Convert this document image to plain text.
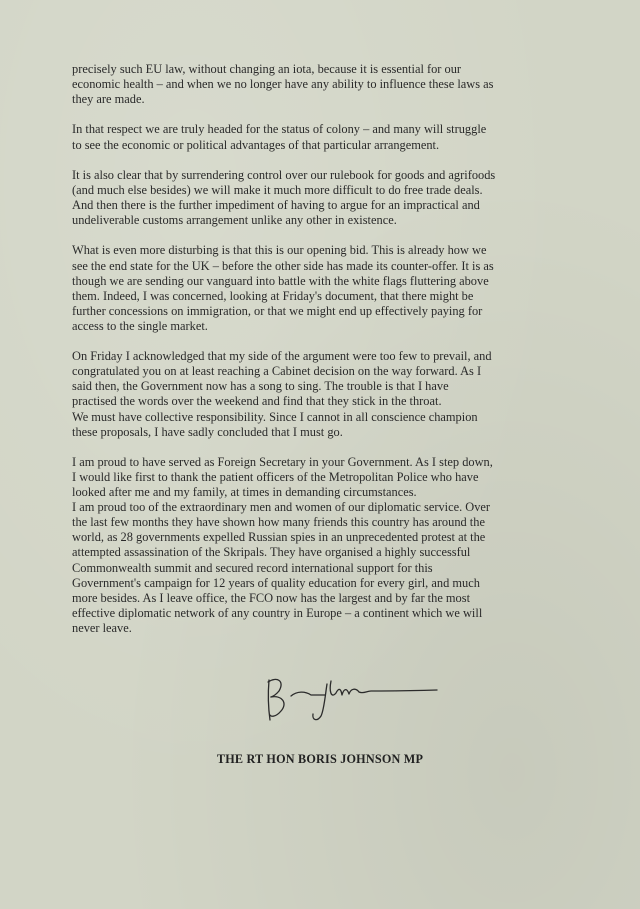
precisely such EU law, without changing an iota, because it is essential for our
economic health – and when we no longer have any ability to influence these laws as
they are made.

In that respect we are truly headed for the status of colony – and many will struggle
to see the economic or political advantages of that particular arrangement.

It is also clear that by surrendering control over our rulebook for goods and agrifoods
(and much else besides) we will make it much more difficult to do free trade deals.
And then there is the further impediment of having to argue for an impractical and
undeliverable customs arrangement unlike any other in existence.

What is even more disturbing is that this is our opening bid. This is already how we
see the end state for the UK – before the other side has made its counter-offer. It is as
though we are sending our vanguard into battle with the white flags fluttering above
them. Indeed, I was concerned, looking at Friday's document, that there might be
further concessions on immigration, or that we might end up effectively paying for
access to the single market.

On Friday I acknowledged that my side of the argument were too few to prevail, and
congratulated you on at least reaching a Cabinet decision on the way forward. As I
said then, the Government now has a song to sing. The trouble is that I have
practised the words over the weekend and find that they stick in the throat.
We must have collective responsibility. Since I cannot in all conscience champion
these proposals, I have sadly concluded that I must go.

I am proud to have served as Foreign Secretary in your Government. As I step down,
I would like first to thank the patient officers of the Metropolitan Police who have
looked after me and my family, at times in demanding circumstances.

I am proud too of the extraordinary men and women of our diplomatic service. Over
the last few months they have shown how many friends this country has around the
world, as 28 governments expelled Russian spies in an unprecedented protest at the
attempted assassination of the Skripals. They have organised a highly successful
Commonwealth summit and secured record international support for this
Government's campaign for 12 years of quality education for every girl, and much
more besides. As I leave office, the FCO now has the largest and by far the most
effective diplomatic network of any country in Europe – a continent which we will
never leave.

THE RT HON BORIS JOHNSON MP
